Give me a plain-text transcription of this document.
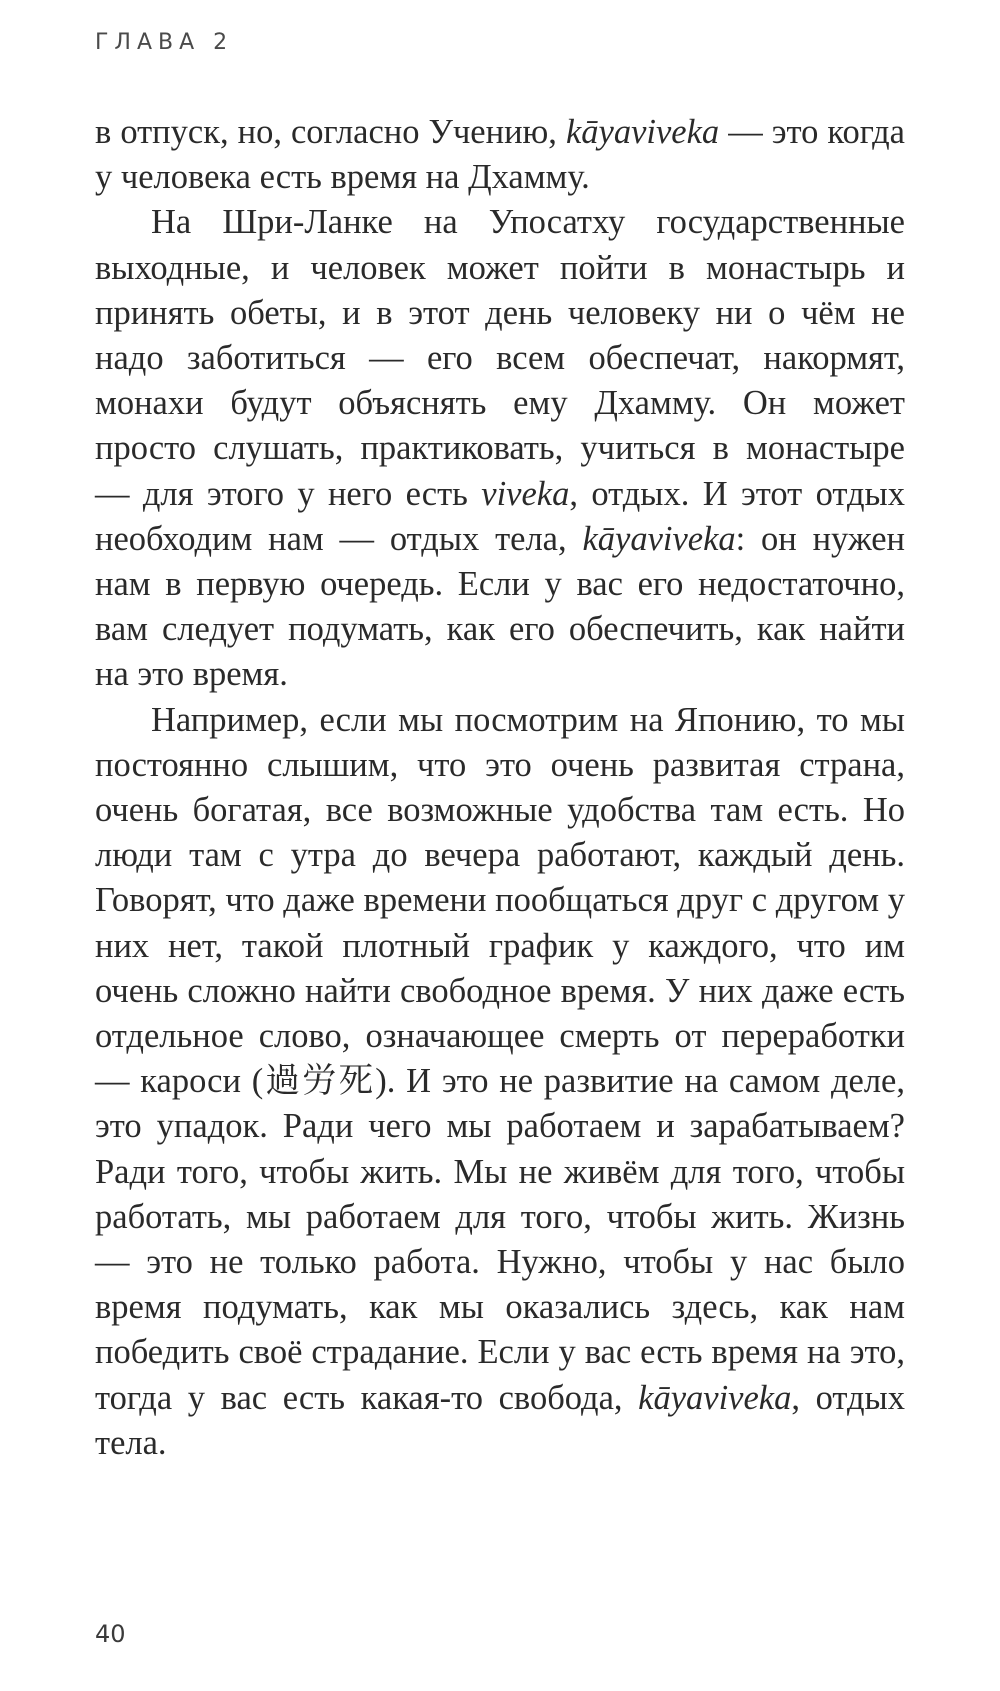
ГЛАВА 2

в отпуск, но, согласно Учению, kāyaviveka — это когда у человека есть время на Дхамму.

На Шри-Ланке на Упосатху государственные выходные, и человек может пойти в монастырь и принять обеты, и в этот день человеку ни о чём не надо заботиться — его всем обеспечат, накормят, монахи будут объяснять ему Дхамму. Он может просто слушать, практиковать, учиться в монастыре — для этого у него есть viveka, отдых. И этот отдых необходим нам — отдых тела, kāyaviveka: он нужен нам в первую очередь. Если у вас его недостаточно, вам следует подумать, как его обеспечить, как найти на это время.

Например, если мы посмотрим на Японию, то мы постоянно слышим, что это очень развитая страна, очень богатая, все возможные удобства там есть. Но люди там с утра до вечера работают, каждый день. Говорят, что даже времени пообщаться друг с другом у них нет, такой плотный график у каждого, что им очень сложно найти свободное время. У них даже есть отдельное слово, означающее смерть от переработки — кароси (過労死). И это не развитие на самом деле, это упадок. Ради чего мы работаем и зарабатываем? Ради того, чтобы жить. Мы не живём для того, чтобы работать, мы работаем для того, чтобы жить. Жизнь — это не только работа. Нужно, чтобы у нас было время подумать, как мы оказались здесь, как нам победить своё страдание. Если у вас есть время на это, тогда у вас есть какая-то свобода, kāyaviveka, отдых тела.

40
